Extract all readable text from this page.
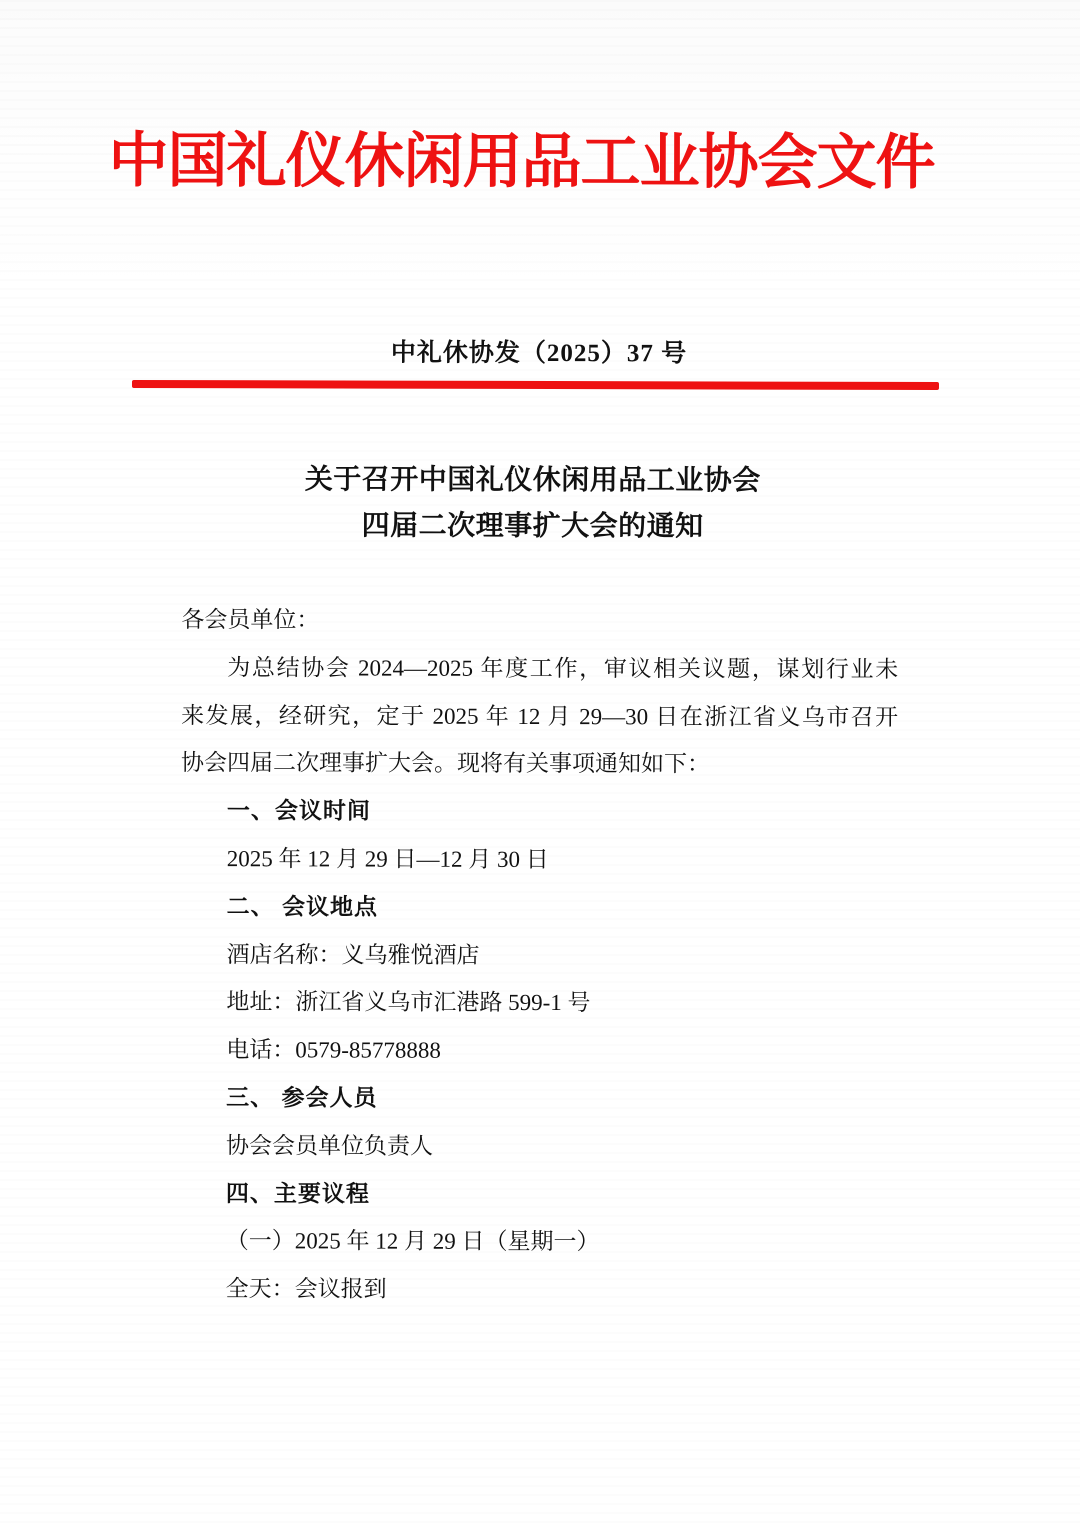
中国礼仪休闲用品工业协会文件
中礼休协发（2025）37 号
关于召开中国礼仪休闲用品工业协会
四届二次理事扩大会的通知
各会员单位：
为总结协会 2024—2025 年度工作，审议相关议题，谋划行业未
来发展，经研究，定于 2025 年 12 月 29—30 日在浙江省义乌市召开
协会四届二次理事扩大会。现将有关事项通知如下：
一、会议时间
2025 年 12 月 29 日—12 月 30 日
二、 会议地点
酒店名称：义乌雅悦酒店
地址：浙江省义乌市汇港路 599-1 号
电话：0579-85778888
三、 参会人员
协会会员单位负责人
四、主要议程
（一）2025 年 12 月 29 日（星期一）
全天：会议报到
